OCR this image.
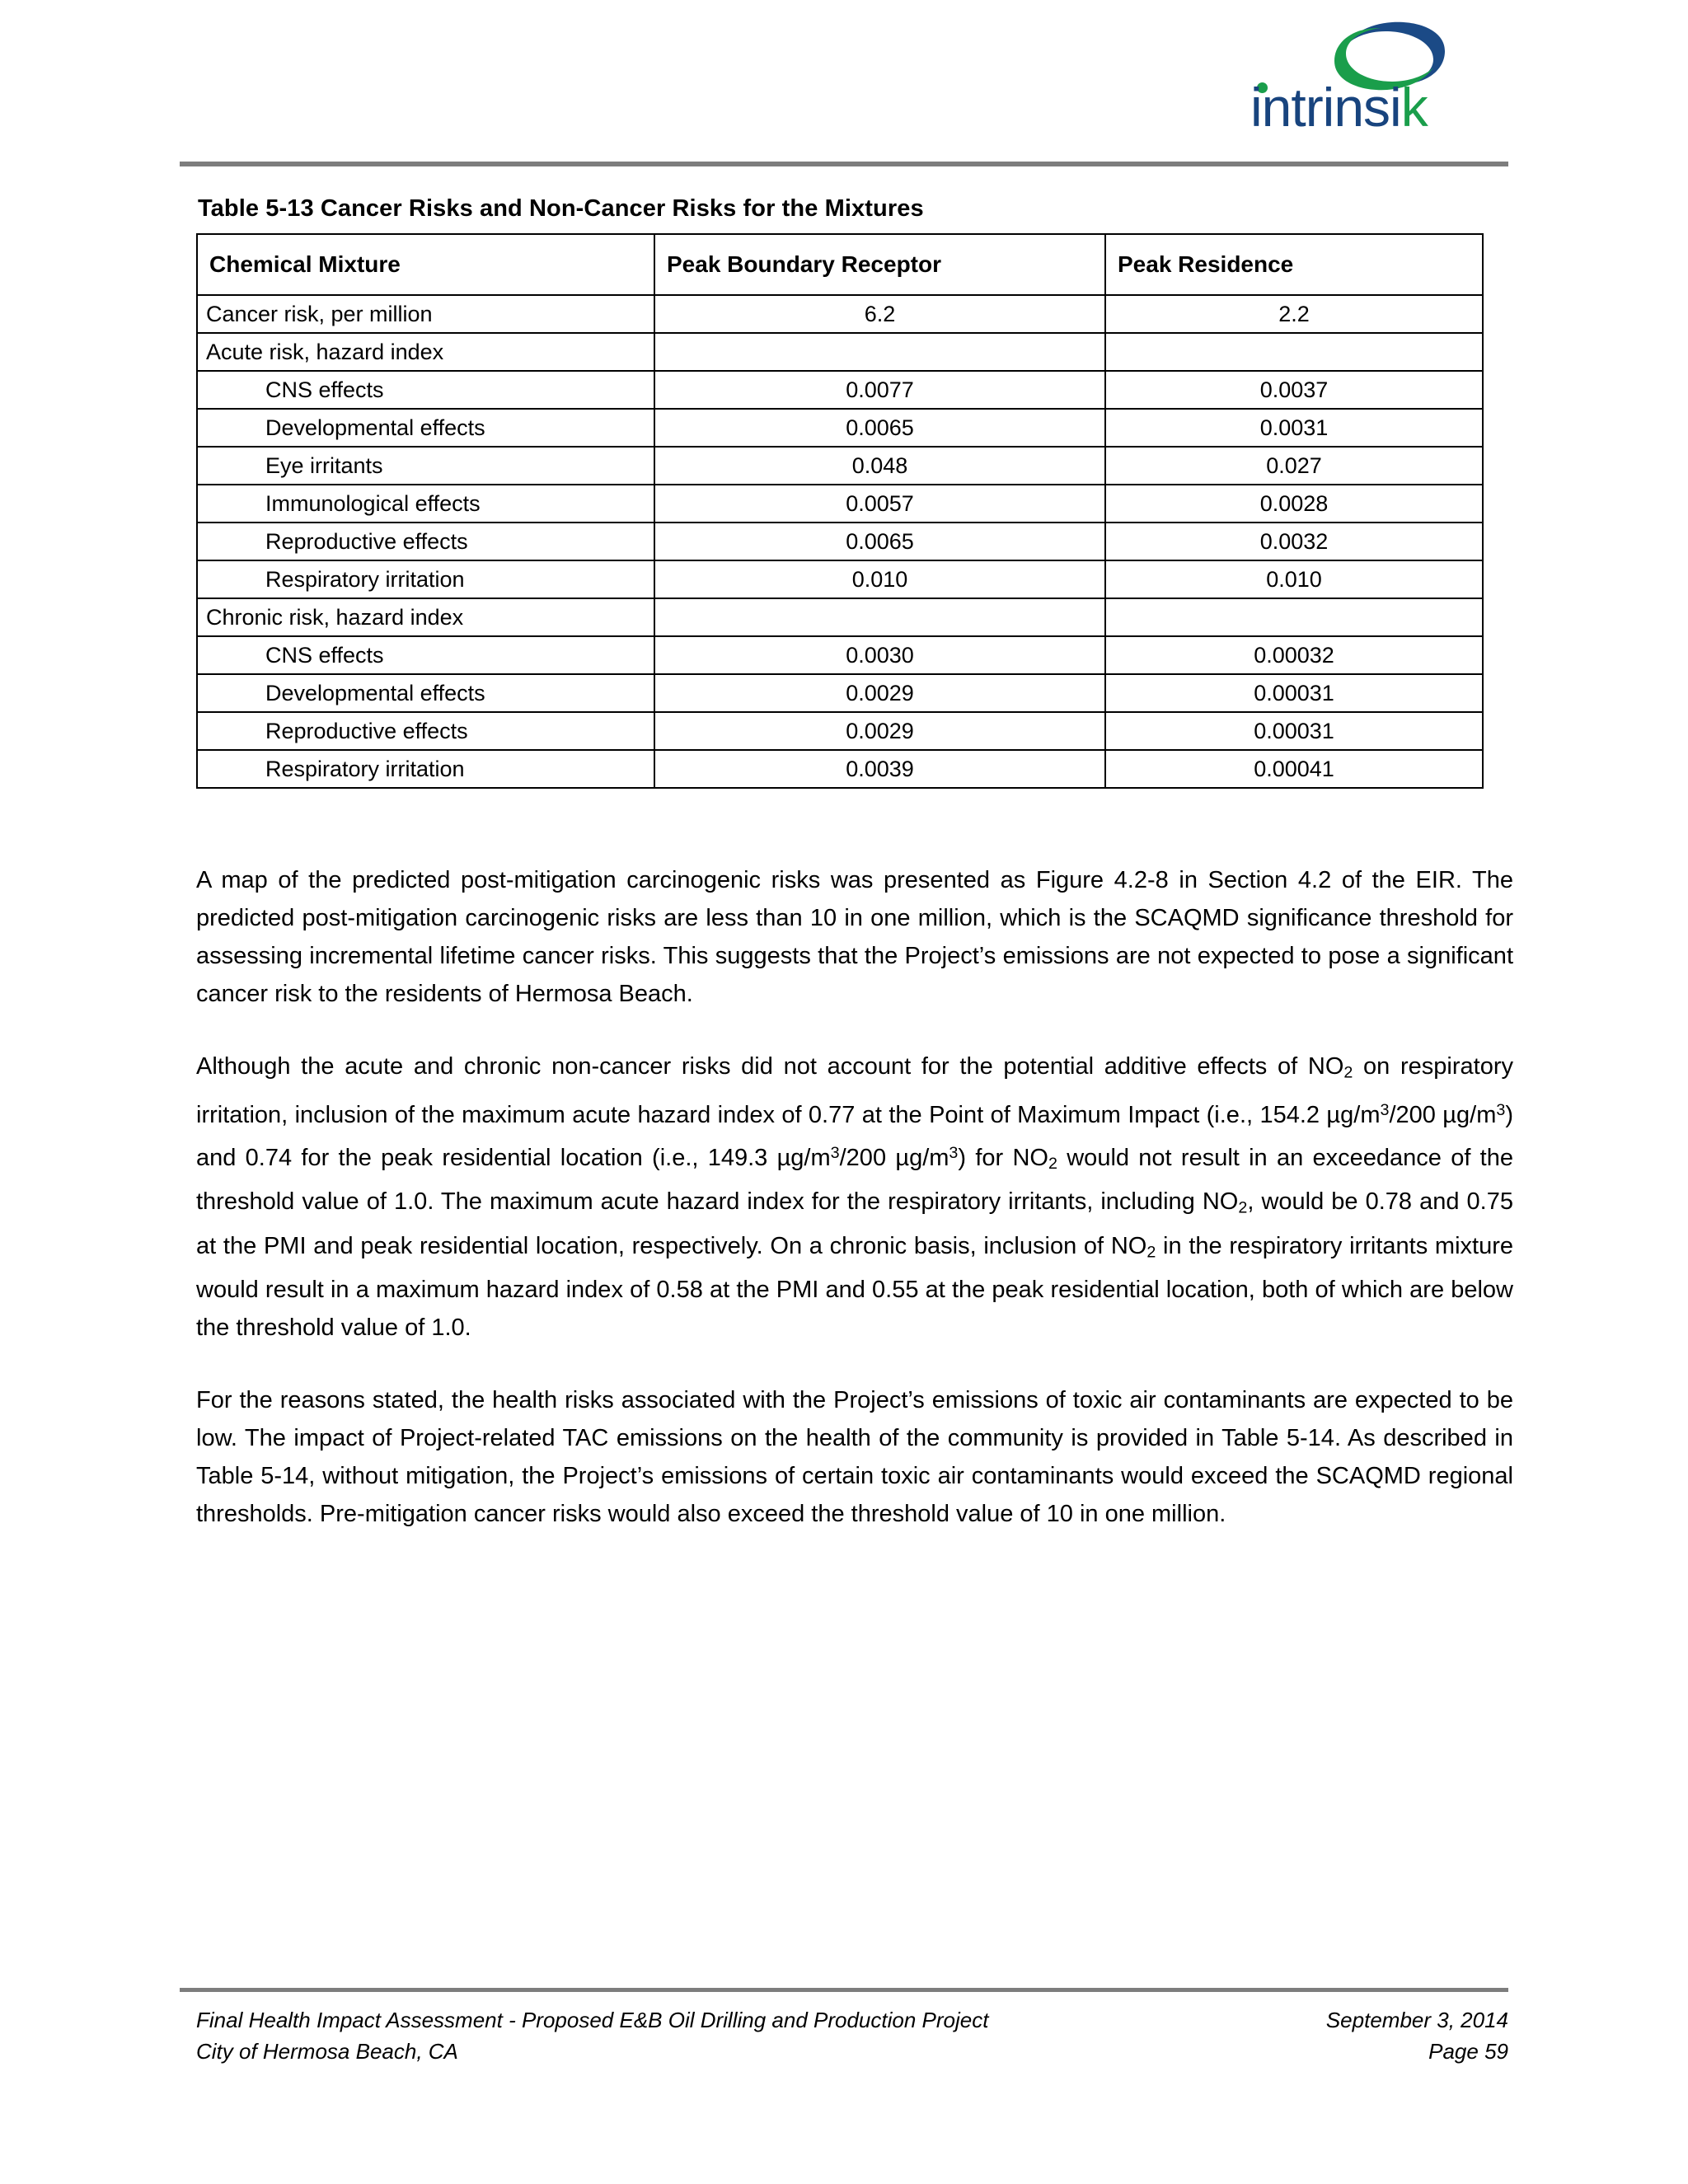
intrinsik
Table 5-13 Cancer Risks and Non-Cancer Risks for the Mixtures
Chemical Mixture	Peak Boundary Receptor	Peak Residence
Cancer risk, per million	6.2	2.2
Acute risk, hazard index		
CNS effects	0.0077	0.0037
Developmental effects	0.0065	0.0031
Eye irritants	0.048	0.027
Immunological effects	0.0057	0.0028
Reproductive effects	0.0065	0.0032
Respiratory irritation	0.010	0.010
Chronic risk, hazard index		
CNS effects	0.0030	0.00032
Developmental effects	0.0029	0.00031
Reproductive effects	0.0029	0.00031
Respiratory irritation	0.0039	0.00041

A map of the predicted post-mitigation carcinogenic risks was presented as Figure 4.2-8 in Section 4.2 of the EIR. The predicted post-mitigation carcinogenic risks are less than 10 in one million, which is the SCAQMD significance threshold for assessing incremental lifetime cancer risks. This suggests that the Project’s emissions are not expected to pose a significant cancer risk to the residents of Hermosa Beach.

Although the acute and chronic non-cancer risks did not account for the potential additive effects of $NO_2$ on respiratory irritation, inclusion of the maximum acute hazard index of 0.77 at the Point of Maximum Impact (i.e., 154.2 $\mu g/m^3/200$ $\mu g/m^3$) and 0.74 for the peak residential location (i.e., 149.3 $\mu g/m^3/200$ $\mu g/m^3$) for $NO_2$ would not result in an exceedance of the threshold value of 1.0. The maximum acute hazard index for the respiratory irritants, including $NO_2$, would be 0.78 and 0.75 at the PMI and peak residential location, respectively. On a chronic basis, inclusion of $NO_2$ in the respiratory irritants mixture would result in a maximum hazard index of 0.58 at the PMI and 0.55 at the peak residential location, both of which are below the threshold value of 1.0.

For the reasons stated, the health risks associated with the Project’s emissions of toxic air contaminants are expected to be low. The impact of Project-related TAC emissions on the health of the community is provided in Table 5-14. As described in Table 5-14, without mitigation, the Project’s emissions of certain toxic air contaminants would exceed the SCAQMD regional thresholds. Pre-mitigation cancer risks would also exceed the threshold value of 10 in one million.

Final Health Impact Assessment - Proposed E&B Oil Drilling and Production Project	September 3, 2014
City of Hermosa Beach, CA	Page 59
